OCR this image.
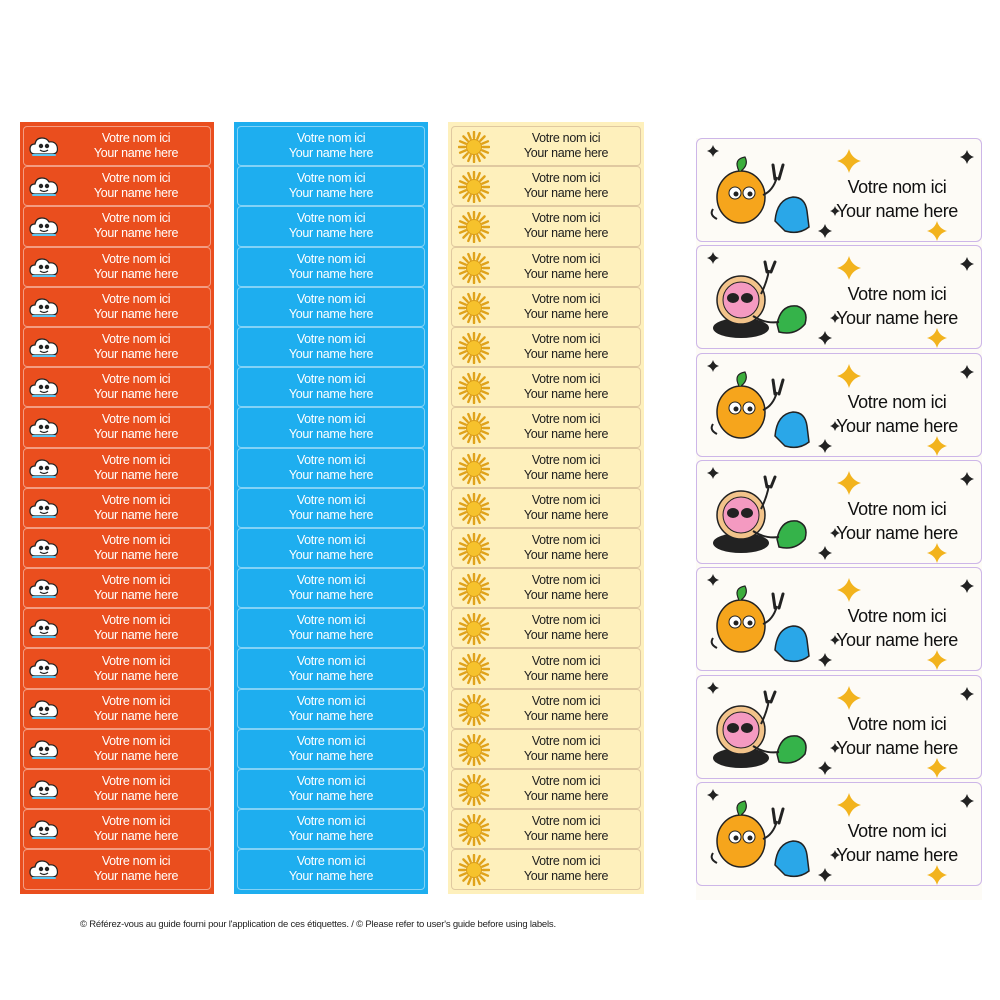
Votre nom ici
Your name here
Votre nom ici
Your name here
Votre nom ici
Your name here
Votre nom ici
Your name here
Votre nom ici
Your name here
Votre nom ici
Your name here
Votre nom ici
Your name here
Votre nom ici
Your name here
Votre nom ici
Your name here
Votre nom ici
Your name here
Votre nom ici
Your name here
Votre nom ici
Your name here
Votre nom ici
Your name here
Votre nom ici
Your name here
Votre nom ici
Your name here
Votre nom ici
Your name here
Votre nom ici
Your name here
Votre nom ici
Your name here
Votre nom ici
Your name here
Votre nom ici
Your name here
Votre nom ici
Your name here
Votre nom ici
Your name here
Votre nom ici
Your name here
Votre nom ici
Your name here
Votre nom ici
Your name here
Votre nom ici
Your name here
Votre nom ici
Your name here
Votre nom ici
Your name here
Votre nom ici
Your name here
Votre nom ici
Your name here
Votre nom ici
Your name here
Votre nom ici
Your name here
Votre nom ici
Your name here
Votre nom ici
Your name here
Votre nom ici
Your name here
Votre nom ici
Your name here
Votre nom ici
Your name here
Votre nom ici
Your name here
Votre nom ici
Your name here
Votre nom ici
Your name here
Votre nom ici
Your name here
Votre nom ici
Your name here
Votre nom ici
Your name here
Votre nom ici
Your name here
Votre nom ici
Your name here
Votre nom ici
Your name here
Votre nom ici
Your name here
Votre nom ici
Your name here
Votre nom ici
Your name here
Votre nom ici
Your name here
Votre nom ici
Your name here
Votre nom ici
Your name here
Votre nom ici
Your name here
Votre nom ici
Your name here
Votre nom ici
Your name here
Votre nom ici
Your name here
Votre nom ici
Your name here
Votre nom ici
Your name here
Votre nom ici
Your name here
Votre nom ici
Your name here
Votre nom ici
Your name here
Votre nom ici
Your name here
Votre nom ici
Your name here
Votre nom ici
Your name here
© Référez-vous au guide fourni pour l'application de ces étiquettes. / © Please refer to user's guide before using labels.
